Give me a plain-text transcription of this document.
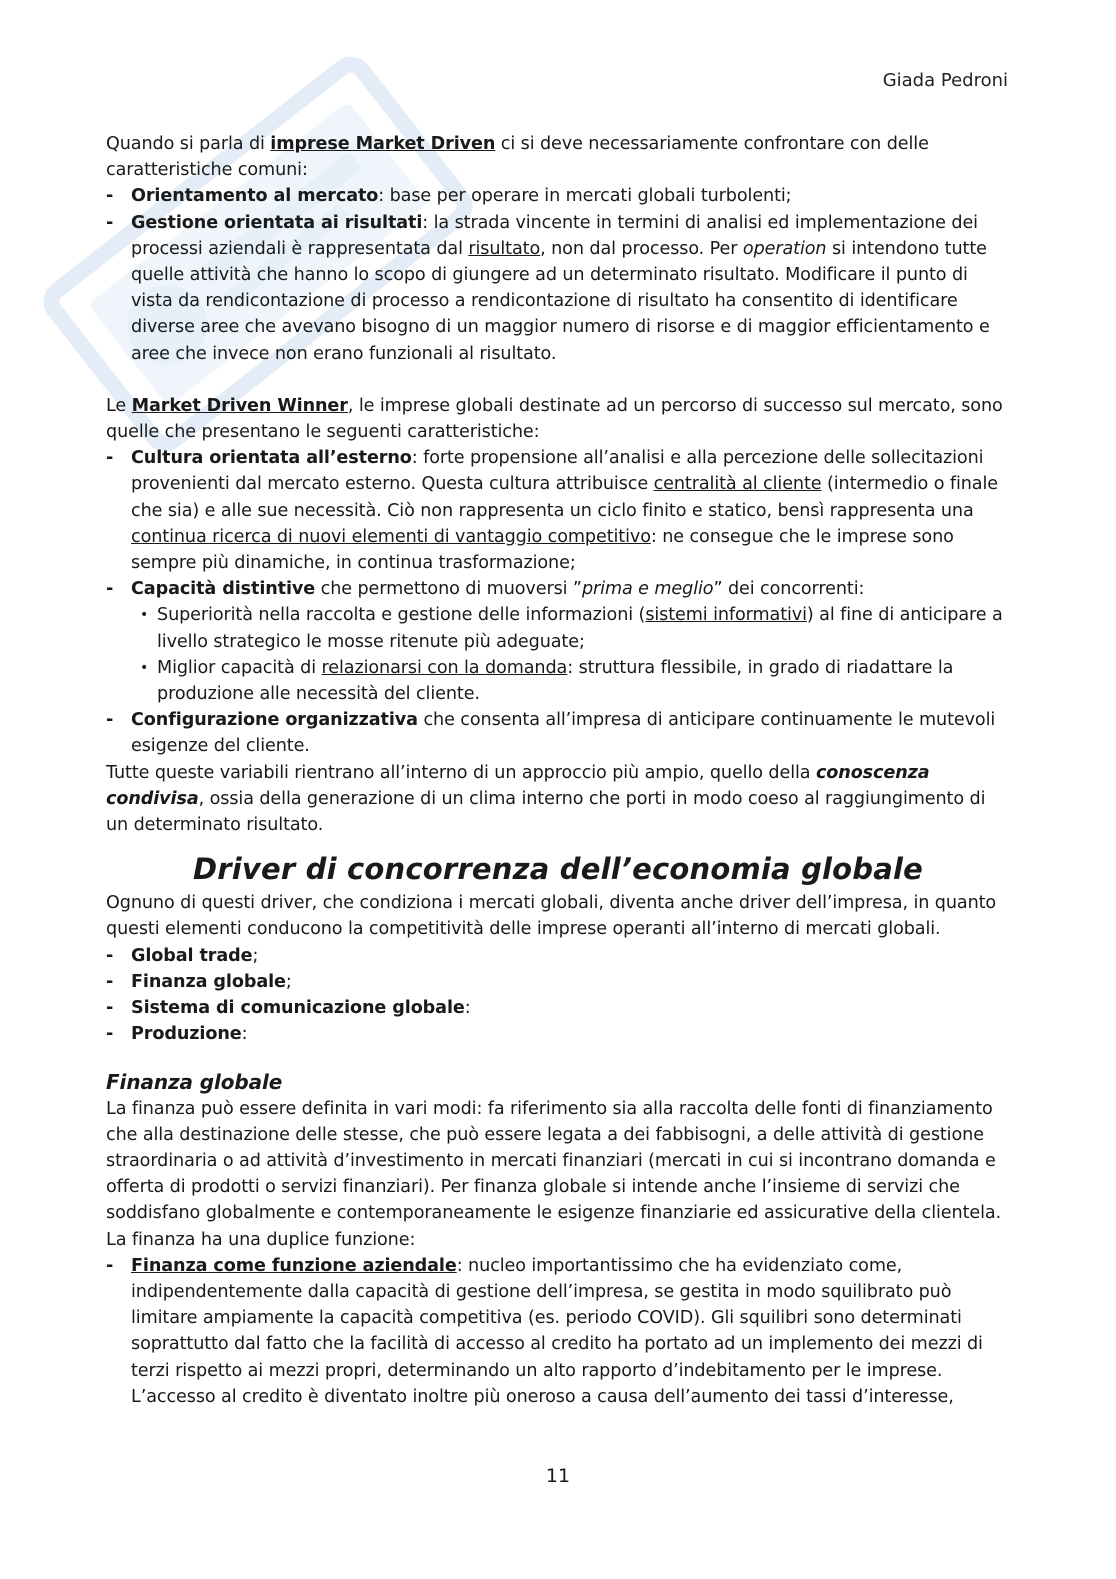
Giada Pedroni

Quando si parla di imprese Market Driven ci si deve necessariamente confrontare con delle caratteristiche comuni:

- Orientamento al mercato: base per operare in mercati globali turbolenti;
- Gestione orientata ai risultati: la strada vincente in termini di analisi ed implementazione dei processi aziendali è rappresentata dal risultato, non dal processo. Per operation si intendono tutte quelle attività che hanno lo scopo di giungere ad un determinato risultato. Modificare il punto di vista da rendicontazione di processo a rendicontazione di risultato ha consentito di identificare diverse aree che avevano bisogno di un maggior numero di risorse e di maggior efficientamento e aree che invece non erano funzionali al risultato.

Le Market Driven Winner, le imprese globali destinate ad un percorso di successo sul mercato, sono quelle che presentano le seguenti caratteristiche:

- Cultura orientata all’esterno: forte propensione all’analisi e alla percezione delle sollecitazioni provenienti dal mercato esterno. Questa cultura attribuisce centralità al cliente (intermedio o finale che sia) e alle sue necessità. Ciò non rappresenta un ciclo finito e statico, bensì rappresenta una continua ricerca di nuovi elementi di vantaggio competitivo: ne consegue che le imprese sono sempre più dinamiche, in continua trasformazione;
- Capacità distintive che permettono di muoversi ”prima e meglio” dei concorrenti:
• Superiorità nella raccolta e gestione delle informazioni (sistemi informativi) al fine di anticipare a livello strategico le mosse ritenute più adeguate;
• Miglior capacità di relazionarsi con la domanda: struttura flessibile, in grado di riadattare la produzione alle necessità del cliente.
- Configurazione organizzativa che consenta all’impresa di anticipare continuamente le mutevoli esigenze del cliente.

Tutte queste variabili rientrano all’interno di un approccio più ampio, quello della conoscenza condivisa, ossia della generazione di un clima interno che porti in modo coeso al raggiungimento di un determinato risultato.

Driver di concorrenza dell’economia globale

Ognuno di questi driver, che condiziona i mercati globali, diventa anche driver dell’impresa, in quanto questi elementi conducono la competitività delle imprese operanti all’interno di mercati globali.

- Global trade;
- Finanza globale;
- Sistema di comunicazione globale:
- Produzione:
Finanza globale

La finanza può essere definita in vari modi: fa riferimento sia alla raccolta delle fonti di finanziamento che alla destinazione delle stesse, che può essere legata a dei fabbisogni, a delle attività di gestione straordinaria o ad attività d’investimento in mercati finanziari (mercati in cui si incontrano domanda e offerta di prodotti o servizi finanziari). Per finanza globale si intende anche l’insieme di servizi che soddisfano globalmente e contemporaneamente le esigenze finanziarie ed assicurative della clientela. La finanza ha una duplice funzione:

- Finanza come funzione aziendale: nucleo importantissimo che ha evidenziato come, indipendentemente dalla capacità di gestione dell’impresa, se gestita in modo squilibrato può limitare ampiamente la capacità competitiva (es. periodo COVID). Gli squilibri sono determinati soprattutto dal fatto che la facilità di accesso al credito ha portato ad un implemento dei mezzi di terzi rispetto ai mezzi propri, determinando un alto rapporto d’indebitamento per le imprese. L’accesso al credito è diventato inoltre più oneroso a causa dell’aumento dei tassi d’interesse,
11
